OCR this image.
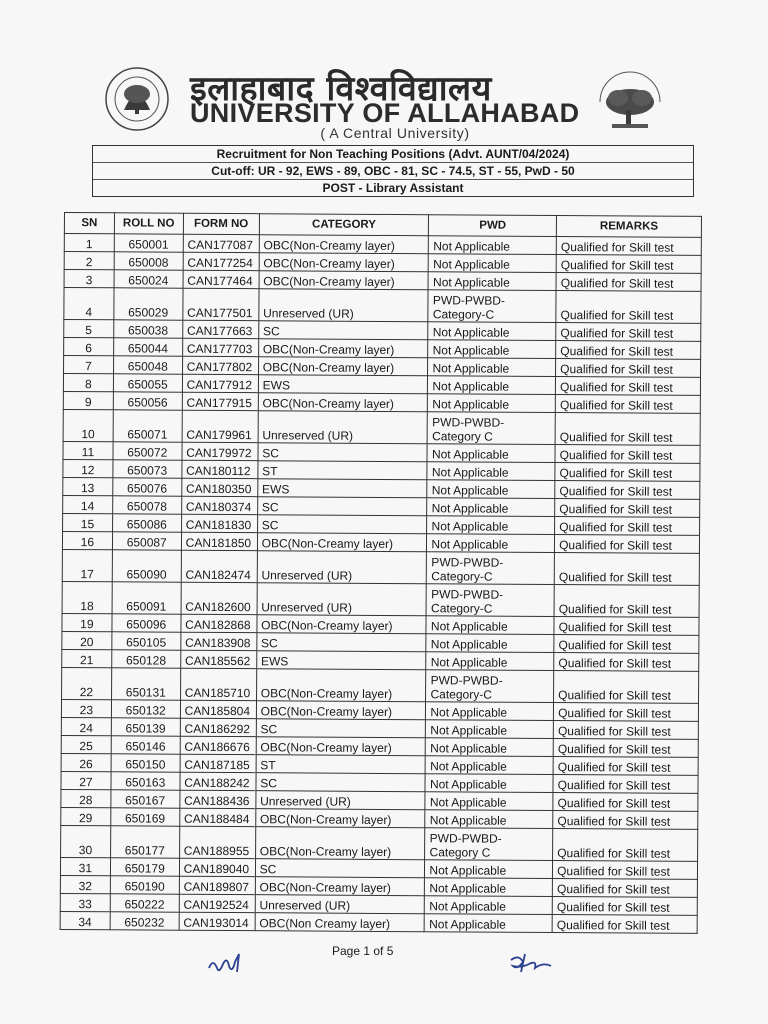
इलाहाबाद विश्वविद्यालय
UNIVERSITY OF ALLAHABAD
( A Central University)
Recruitment for Non Teaching Positions (Advt. AUNT/04/2024)
Cut-off: UR - 92, EWS - 89, OBC - 81, SC - 74.5, ST - 55, PwD - 50
POST - Library Assistant
SN	ROLL NO	FORM NO	CATEGORY	PWD	REMARKS
1	650001	CAN177087	OBC(Non-Creamy layer)	Not Applicable	Qualified for Skill test
2	650008	CAN177254	OBC(Non-Creamy layer)	Not Applicable	Qualified for Skill test
3	650024	CAN177464	OBC(Non-Creamy layer)	Not Applicable	Qualified for Skill test
4	650029	CAN177501	Unreserved (UR)	PWD-PWBD-Category-C	Qualified for Skill test
5	650038	CAN177663	SC	Not Applicable	Qualified for Skill test
6	650044	CAN177703	OBC(Non-Creamy layer)	Not Applicable	Qualified for Skill test
7	650048	CAN177802	OBC(Non-Creamy layer)	Not Applicable	Qualified for Skill test
8	650055	CAN177912	EWS	Not Applicable	Qualified for Skill test
9	650056	CAN177915	OBC(Non-Creamy layer)	Not Applicable	Qualified for Skill test
10	650071	CAN179961	Unreserved (UR)	PWD-PWBD-Category C	Qualified for Skill test
11	650072	CAN179972	SC	Not Applicable	Qualified for Skill test
12	650073	CAN180112	ST	Not Applicable	Qualified for Skill test
13	650076	CAN180350	EWS	Not Applicable	Qualified for Skill test
14	650078	CAN180374	SC	Not Applicable	Qualified for Skill test
15	650086	CAN181830	SC	Not Applicable	Qualified for Skill test
16	650087	CAN181850	OBC(Non-Creamy layer)	Not Applicable	Qualified for Skill test
17	650090	CAN182474	Unreserved (UR)	PWD-PWBD-Category-C	Qualified for Skill test
18	650091	CAN182600	Unreserved (UR)	PWD-PWBD-Category-C	Qualified for Skill test
19	650096	CAN182868	OBC(Non-Creamy layer)	Not Applicable	Qualified for Skill test
20	650105	CAN183908	SC	Not Applicable	Qualified for Skill test
21	650128	CAN185562	EWS	Not Applicable	Qualified for Skill test
22	650131	CAN185710	OBC(Non-Creamy layer)	PWD-PWBD-Category-C	Qualified for Skill test
23	650132	CAN185804	OBC(Non-Creamy layer)	Not Applicable	Qualified for Skill test
24	650139	CAN186292	SC	Not Applicable	Qualified for Skill test
25	650146	CAN186676	OBC(Non-Creamy layer)	Not Applicable	Qualified for Skill test
26	650150	CAN187185	ST	Not Applicable	Qualified for Skill test
27	650163	CAN188242	SC	Not Applicable	Qualified for Skill test
28	650167	CAN188436	Unreserved (UR)	Not Applicable	Qualified for Skill test
29	650169	CAN188484	OBC(Non-Creamy layer)	Not Applicable	Qualified for Skill test
30	650177	CAN188955	OBC(Non-Creamy layer)	PWD-PWBD-Category C	Qualified for Skill test
31	650179	CAN189040	SC	Not Applicable	Qualified for Skill test
32	650190	CAN189807	OBC(Non-Creamy layer)	Not Applicable	Qualified for Skill test
33	650222	CAN192524	Unreserved (UR)	Not Applicable	Qualified for Skill test
34	650232	CAN193014	OBC(Non Creamy layer)	Not Applicable	Qualified for Skill test
Page 1 of 5
